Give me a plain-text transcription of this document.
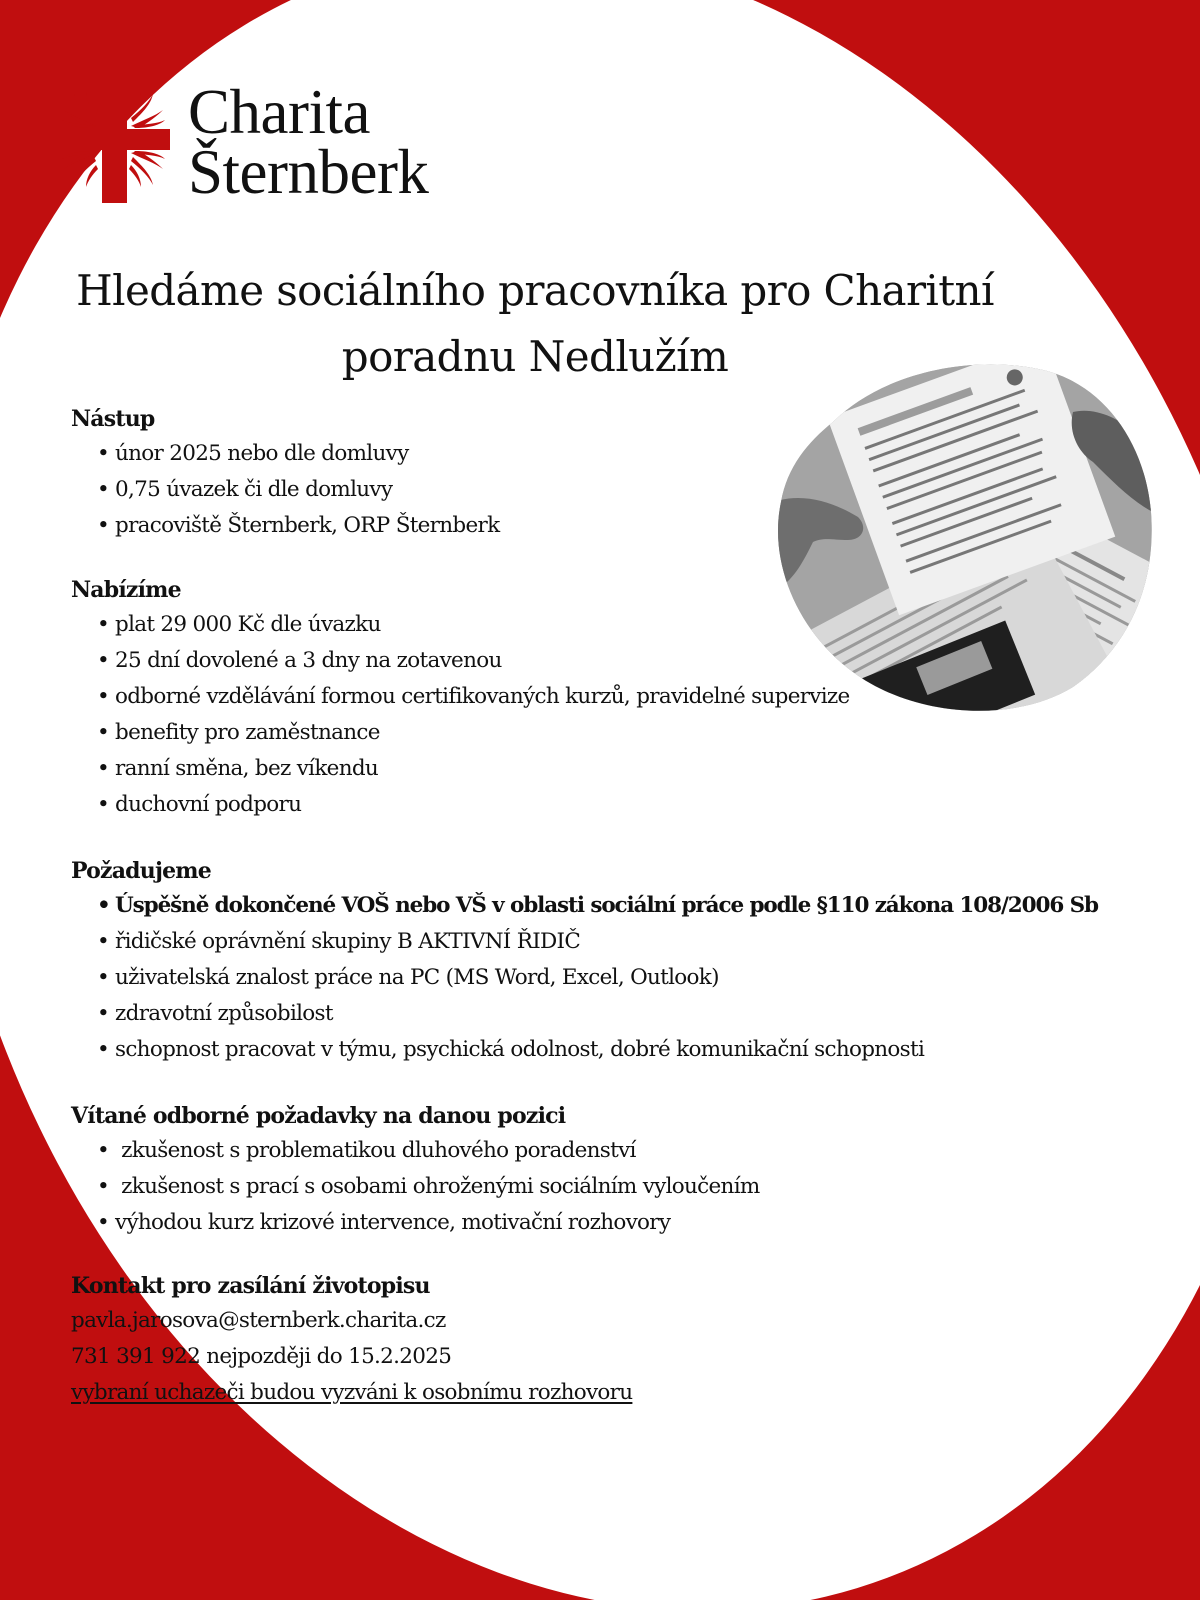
Charita
Šternberk
Hledáme sociálního pracovníka pro Charitní
poradnu Nedlužím
Nástup
• únor 2025 nebo dle domluvy
• 0,75 úvazek či dle domluvy
• pracoviště Šternberk, ORP Šternberk
Nabízíme
• plat 29 000 Kč dle úvazku
• 25 dní dovolené a 3 dny na zotavenou
• odborné vzdělávání formou certifikovaných kurzů, pravidelné supervize
• benefity pro zaměstnance
• ranní směna, bez víkendu
• duchovní podporu
Požadujeme
• Úspěšně dokončené VOŠ nebo VŠ v oblasti sociální práce podle §110 zákona 108/2006 Sb
• řidičské oprávnění skupiny B AKTIVNÍ ŘIDIČ
• uživatelská znalost práce na PC (MS Word, Excel, Outlook)
• zdravotní způsobilost
• schopnost pracovat v týmu, psychická odolnost, dobré komunikační schopnosti
Vítané odborné požadavky na danou pozici
•  zkušenost s problematikou dluhového poradenství
•  zkušenost s prací s osobami ohroženými sociálním vyloučením
• výhodou kurz krizové intervence, motivační rozhovory
Kontakt pro zasílání životopisu

pavla.jarosova@sternberk.charita.cz

731 391 922 nejpozději do 15.2.2025

vybraní uchazeči budou vyzváni k osobnímu rozhovoru
